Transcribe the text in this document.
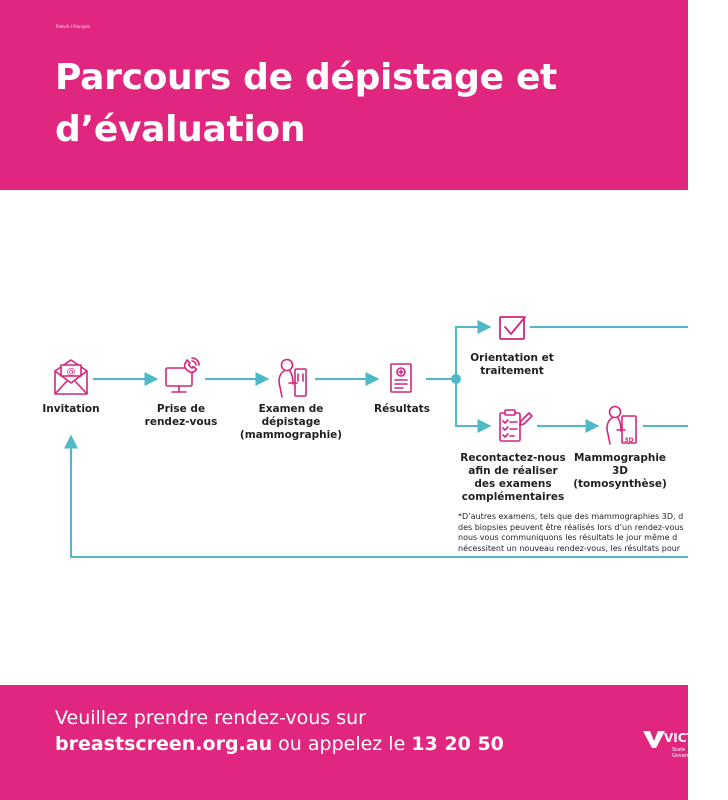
French / Français
Parcours de dépistage et
d’évaluation
@
3D
Invitation	Prise de
rendez-vous
Examen de
dépistage
(mammographie)
Résultats
Orientation et
traitement
Recontactez-nous
afin de réaliser
des examens
complémentaires
Mammographie
3D
(tomosynthèse)
*D’autres examens, tels que des mammographies 3D, d
des biopsies peuvent être réalisés lors d’un rendez-vous
nous vous communiquons les résultats le jour même d
nécessitent un nouveau rendez-vous, les résultats pour
Veuillez prendre rendez-vous sur
breastscreen.org.au ou appelez le 13 20 50	VICTORIA
State
Government
